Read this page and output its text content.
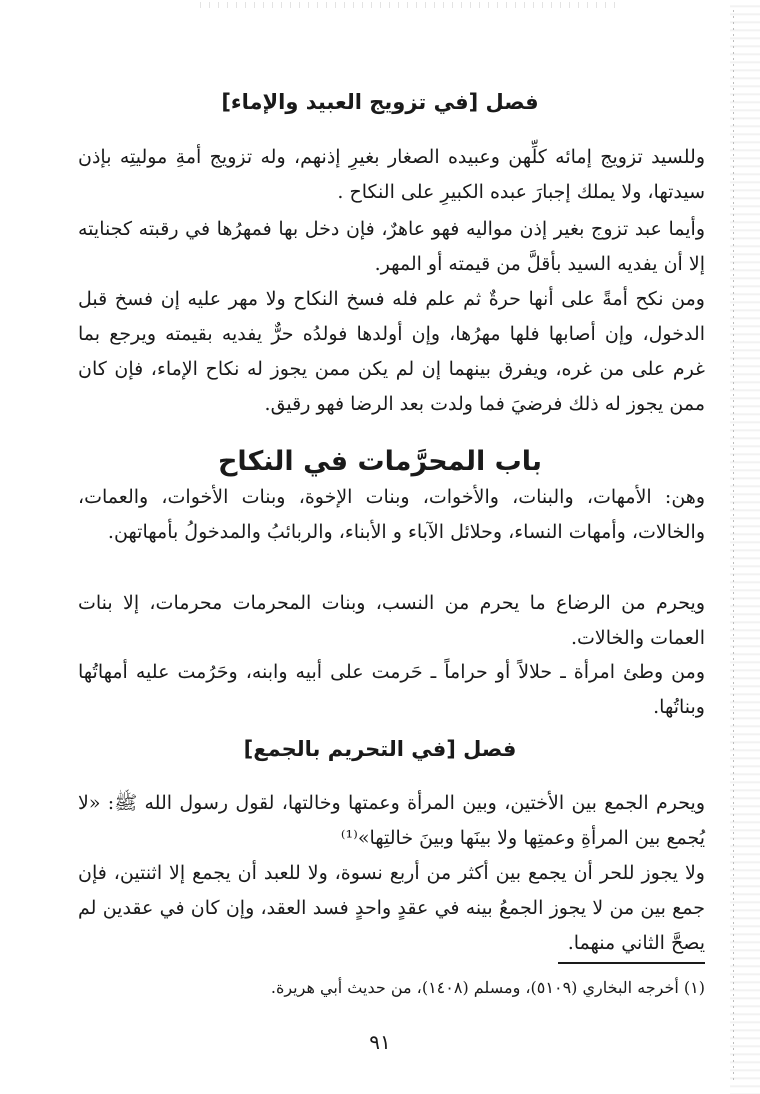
فصل [في تزويج العبيد والإماء]

وللسيد تزويج إمائه كلِّهن وعبيده الصغار بغيرِ إذنهم، وله تزويج أمةِ موليتِه بإذن سيدتها، ولا يملك إجبارَ عبده الكبيرِ على النكاح .

وأيما عبد تزوج بغير إذن مواليه فهو عاهرٌ، فإن دخل بها فمهرُها في رقبته كجنايته إلا أن يفديه السيد بأقلَّ من قيمته أو المهر.

ومن نكح أمةً على أنها حرةٌ ثم علم فله فسخ النكاح ولا مهر عليه إن فسخ قبل الدخول، وإن أصابها فلها مهرُها، وإن أولدها فولدُه حرٌّ يفديه بقيمته ويرجع بما غرم على من غره، ويفرق بينهما إن لم يكن ممن يجوز له نكاح الإماء، فإن كان ممن يجوز له ذلك فرضيَ فما ولدت بعد الرضا فهو رقيق.

باب المحرَّمات في النكاح

وهن: الأمهات، والبنات، والأخوات، وبنات الإخوة، وبنات الأخوات، والعمات، والخالات، وأمهات النساء، وحلائل الآباء و الأبناء، والربائبُ والمدخولُ بأمهاتهن.

ويحرم من الرضاع ما يحرم من النسب، وبنات المحرمات محرمات، إلا بنات العمات والخالات.

ومن وطئ امرأة ـ حلالاً أو حراماً ـ حَرمت على أبيه وابنه، وحَرُمت عليه أمهاتُها وبناتُها.

فصل [في التحريم بالجمع]

ويحرم الجمع بين الأختين، وبين المرأة وعمتها وخالتها، لقول رسول الله ﷺ: «لا يُجمع بين المرأةِ وعمتِها ولا بينَها وبينَ خالتِها»⁽¹⁾

ولا يجوز للحر أن يجمع بين أكثر من أربع نسوة، ولا للعبد أن يجمع إلا اثنتين، فإن جمع بين من لا يجوز الجمعُ بينه في عقدٍ واحدٍ فسد العقد، وإن كان في عقدين لم يصحَّ الثاني منهما.

(١) أخرجه البخاري (٥١٠٩)، ومسلم (١٤٠٨)، من حديث أبي هريرة.
٩١
